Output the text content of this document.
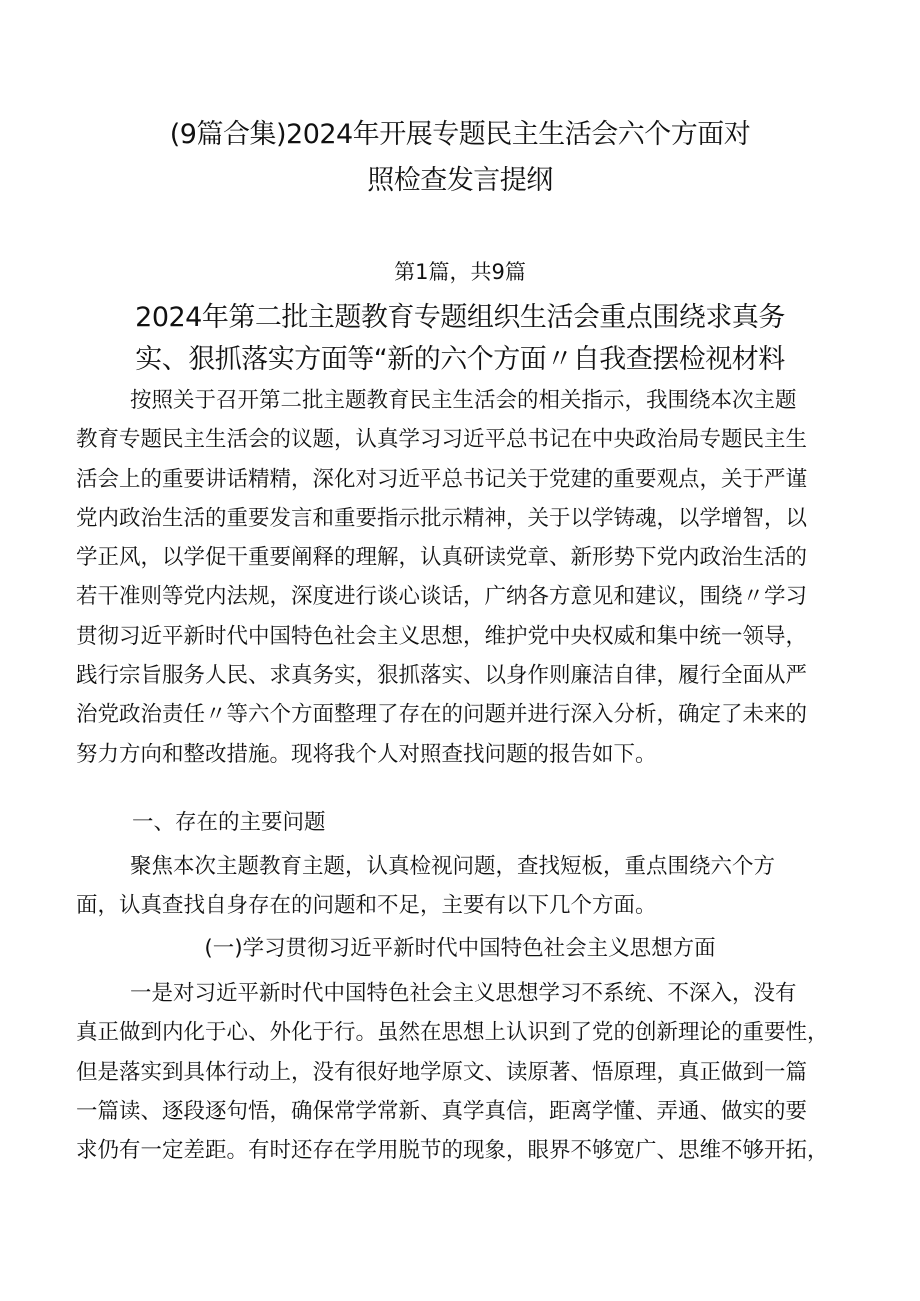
(9篇合集)2024年开展专题民主生活会六个方面对
照检查发言提纲
第1篇，共9篇
2024年第二批主题教育专题组织生活会重点围绕求真务
实、狠抓落实方面等“新的六个方面〃自我查摆检视材料
按照关于召开第二批主题教育民主生活会的相关指示，我围绕本次主题
教育专题民主生活会的议题，认真学习习近平总书记在中央政治局专题民主生
活会上的重要讲话精精，深化对习近平总书记关于党建的重要观点，关于严谨
党内政治生活的重要发言和重要指示批示精神，关于以学铸魂，以学增智，以
学正风，以学促干重要阐释的理解，认真研读党章、新形势下党内政治生活的
若干准则等党内法规，深度进行谈心谈话，广纳各方意见和建议，围绕〃学习
贯彻习近平新时代中国特色社会主义思想，维护党中央权威和集中统一领导，
践行宗旨服务人民、求真务实，狠抓落实、以身作则廉洁自律，履行全面从严
治党政治责任〃等六个方面整理了存在的问题并进行深入分析，确定了未来的
努力方向和整改措施。现将我个人对照查找问题的报告如下。
一、存在的主要问题
聚焦本次主题教育主题，认真检视问题，查找短板，重点围绕六个方
面，认真查找自身存在的问题和不足，主要有以下几个方面。
(一)学习贯彻习近平新时代中国特色社会主义思想方面
一是对习近平新时代中国特色社会主义思想学习不系统、不深入，没有
真正做到内化于心、外化于行。虽然在思想上认识到了党的创新理论的重要性，
但是落实到具体行动上，没有很好地学原文、读原著、悟原理，真正做到一篇
一篇读、逐段逐句悟，确保常学常新、真学真信，距离学懂、弄通、做实的要
求仍有一定差距。有时还存在学用脱节的现象，眼界不够宽广、思维不够开拓，
